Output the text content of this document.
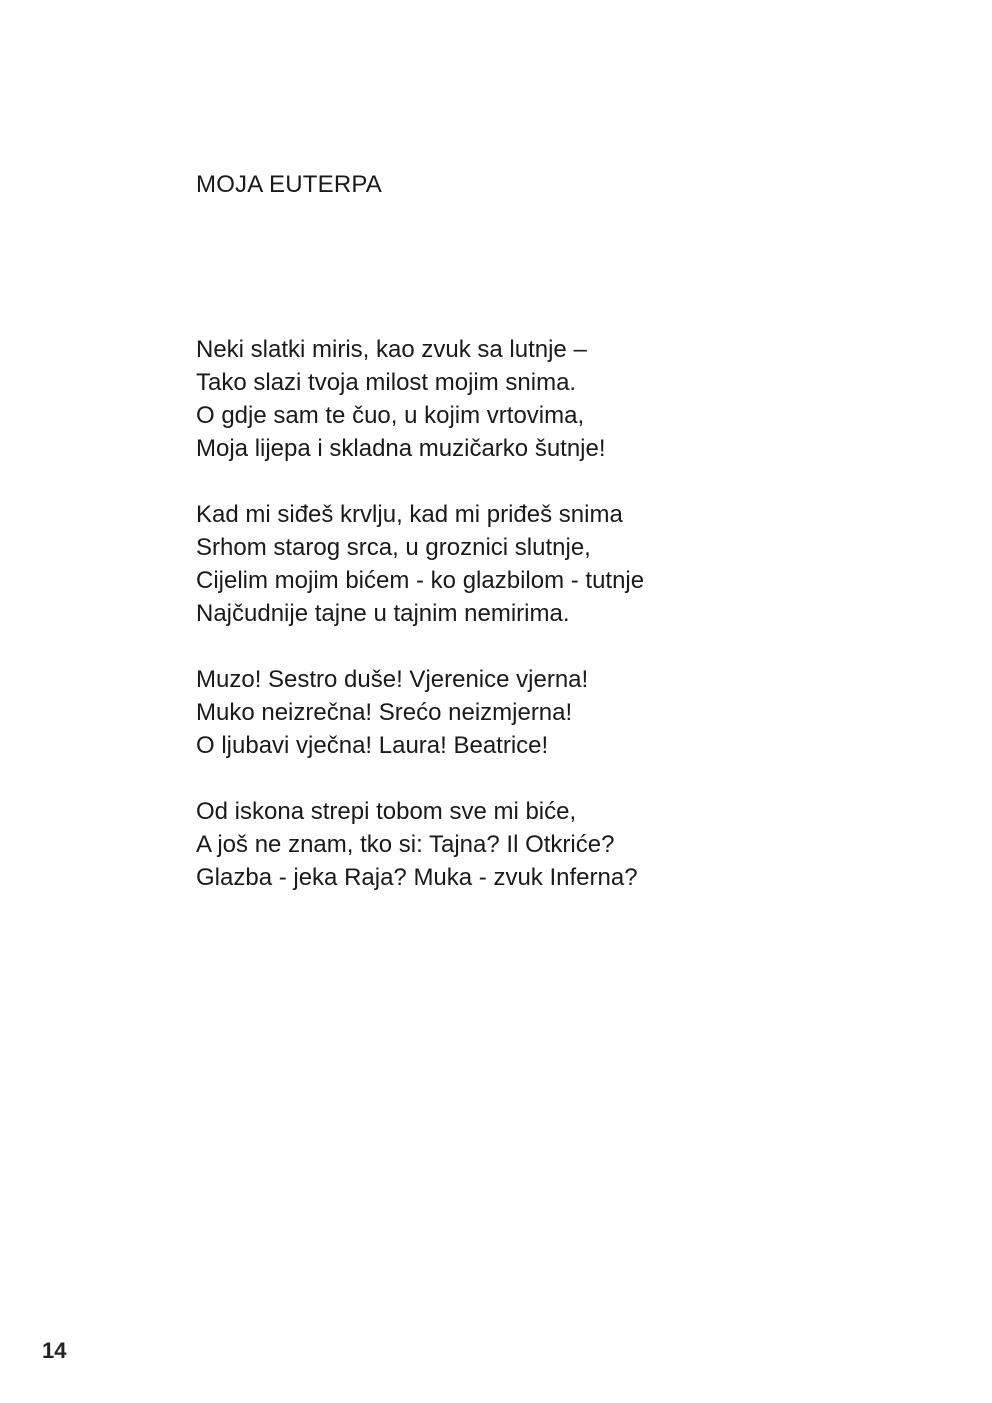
MOJA EUTERPA
Neki slatki miris, kao zvuk sa lutnje –
Tako slazi tvoja milost mojim snima.
O gdje sam te čuo, u kojim vrtovima,
Moja lijepa i skladna muzičarko šutnje!
Kad mi siđeš krvlju, kad mi priđeš snima
Srhom starog srca, u groznici slutnje,
Cijelim mojim bićem - ko glazbilom - tutnje
Najčudnije tajne u tajnim nemirima.
Muzo! Sestro duše! Vjerenice vjerna!
Muko neizrečna! Srećo neizmjerna!
O ljubavi vječna! Laura! Beatrice!
Od iskona strepi tobom sve mi biće,
A još ne znam, tko si: Tajna? Il Otkriće?
Glazba - jeka Raja? Muka - zvuk Inferna?
14
